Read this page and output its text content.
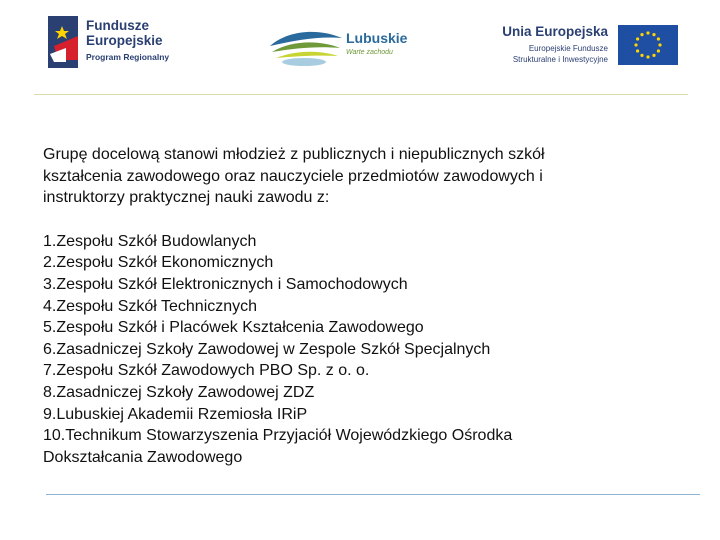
Fundusze
Europejskie
Program Regionalny
Lubuskie
Warte zachodu
Unia Europejska
Europejskie Fundusze
Strukturalne i Inwestycyjne
Grupę docelową stanowi młodzież z publicznych i niepublicznych szkół
kształcenia zawodowego oraz nauczyciele przedmiotów zawodowych i
instruktorzy praktycznej nauki zawodu z:
1.Zespołu Szkół Budowlanych
2.Zespołu Szkół Ekonomicznych
3.Zespołu Szkół Elektronicznych i Samochodowych
4.Zespołu Szkół Technicznych
5.Zespołu Szkół i Placówek Kształcenia Zawodowego
6.Zasadniczej Szkoły Zawodowej w Zespole Szkół Specjalnych
7.Zespołu Szkół Zawodowych PBO Sp. z o. o.
8.Zasadniczej Szkoły Zawodowej ZDZ
9.Lubuskiej Akademii Rzemiosła IRiP
10.Technikum Stowarzyszenia Przyjaciół Wojewódzkiego Ośrodka
Dokształcania Zawodowego
